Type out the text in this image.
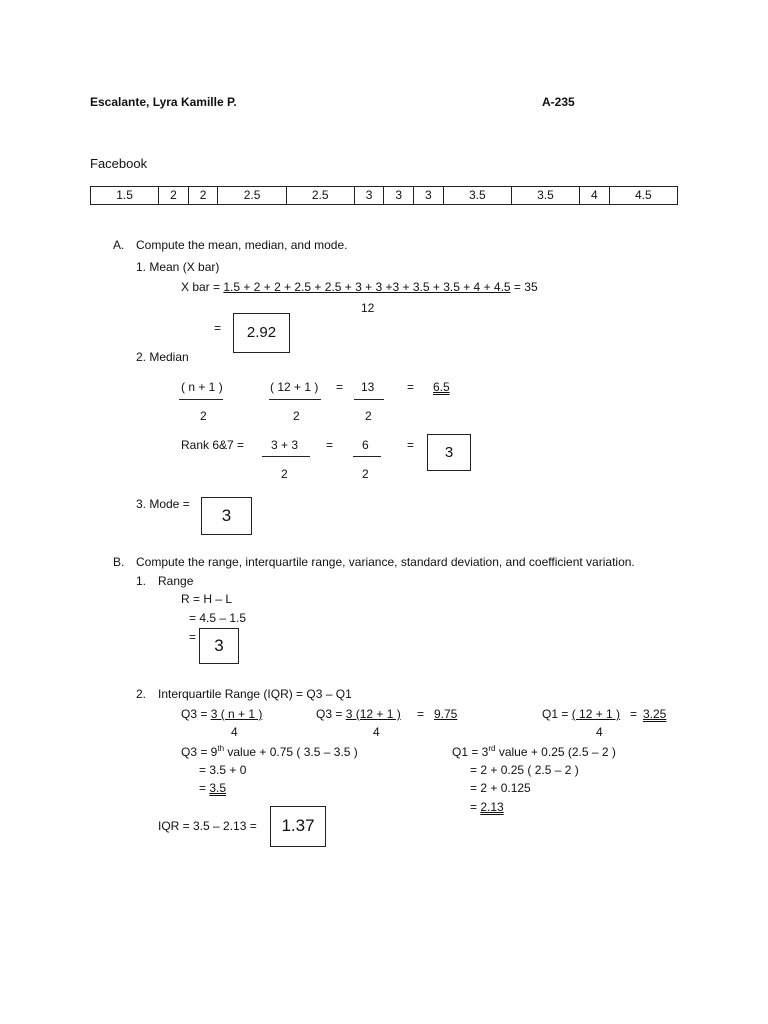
Escalante, Lyra Kamille P.	A-235
Facebook
1.5	2	2	2.5	2.5	3	3	3	3.5	3.5	4	4.5
A. Compute the mean, median, and mode.
1. Mean (X bar)
X bar = 1.5 + 2 + 2 + 2.5 + 2.5 + 3 + 3 +3 + 3.5 + 3.5 + 4 + 4.5 = 35
12
=	2.92
2. Median
( n + 1 )
2
( 12 + 1 )
2
= 13
2
= 6.5
Rank 6&7 = 3 + 3
2
= 6
2
=	3
3. Mode =
3
B. Compute the range, interquartile range, variance, standard deviation, and coefficient variation.
1. Range
R = H – L
= 4.5 – 1.5
=	3
2. Interquartile Range (IQR) = Q3 – Q1
Q3 = 3 ( n + 1 )
4
Q3 = 3 (12 + 1 )
4
= 9.75	Q1 = ( 12 + 1 )
4
= 3.25
Q3 = 9th value + 0.75 ( 3.5 – 3.5 )
= 3.5 + 0
= 3.5
Q1 = 3rd value + 0.25 (2.5 – 2 )
= 2 + 0.25 ( 2.5 – 2 )
= 2 + 0.125
= 2.13
IQR = 3.5 – 2.13 =	1.37
